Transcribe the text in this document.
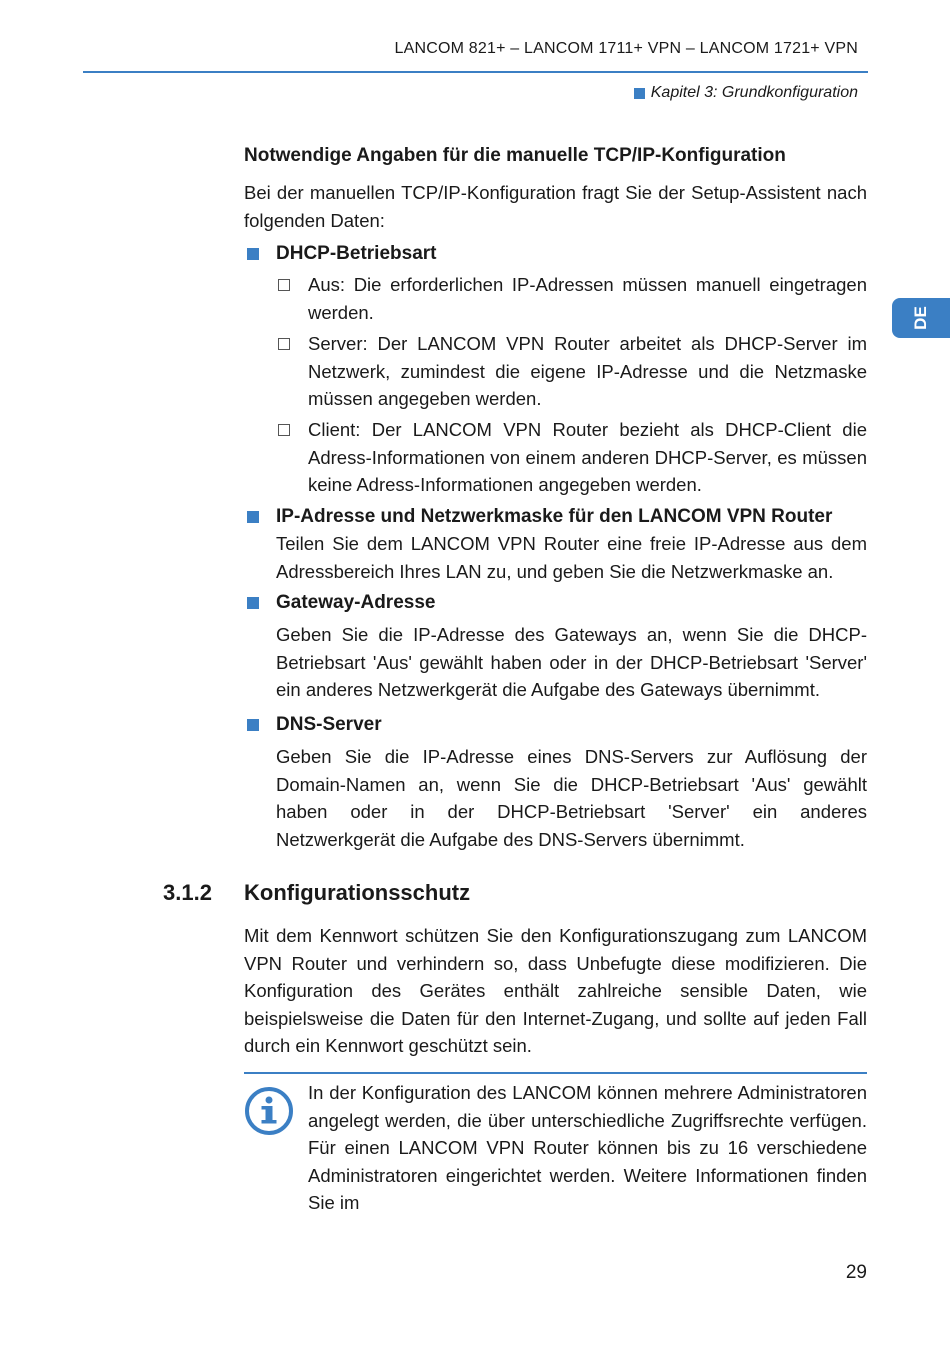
LANCOM 821+ – LANCOM 1711+ VPN – LANCOM 1721+ VPN
Kapitel 3: Grundkonfiguration
DE

Notwendige Angaben für die manuelle TCP/IP-Konfiguration

Bei der manuellen TCP/IP-Konfiguration fragt Sie der Setup-Assistent nach folgenden Daten:

DHCP-Betriebsart

Aus: Die erforderlichen IP-Adressen müssen manuell eingetragen werden.

Server: Der LANCOM VPN Router arbeitet als DHCP-Server im Netzwerk, zumindest die eigene IP-Adresse und die Netzmaske müssen angegeben werden.

Client: Der LANCOM VPN Router bezieht als DHCP-Client die Adress-Informationen von einem anderen DHCP-Server, es müssen keine Adress-Informationen angegeben werden.

IP-Adresse und Netzwerkmaske für den LANCOM VPN Router

Teilen Sie dem LANCOM VPN Router eine freie IP-Adresse aus dem Adressbereich Ihres LAN zu, und geben Sie die Netzwerkmaske an.

Gateway-Adresse

Geben Sie die IP-Adresse des Gateways an, wenn Sie die DHCP-Betriebsart 'Aus' gewählt haben oder in der DHCP-Betriebsart 'Server' ein anderes Netzwerkgerät die Aufgabe des Gateways übernimmt.

DNS-Server

Geben Sie die IP-Adresse eines DNS-Servers zur Auflösung der Domain-Namen an, wenn Sie die DHCP-Betriebsart 'Aus' gewählt haben oder in der DHCP-Betriebsart 'Server' ein anderes Netzwerkgerät die Aufgabe des DNS-Servers übernimmt.

3.1.2 Konfigurationsschutz

Mit dem Kennwort schützen Sie den Konfigurationszugang zum LANCOM VPN Router und verhindern so, dass Unbefugte diese modifizieren. Die Konfiguration des Gerätes enthält zahlreiche sensible Daten, wie beispielsweise die Daten für den Internet-Zugang, und sollte auf jeden Fall durch ein Kennwort geschützt sein.

In der Konfiguration des LANCOM können mehrere Administratoren angelegt werden, die über unterschiedliche Zugriffsrechte verfügen. Für einen LANCOM VPN Router können bis zu 16 verschiedene Administratoren eingerichtet werden. Weitere Informationen finden Sie im

29
